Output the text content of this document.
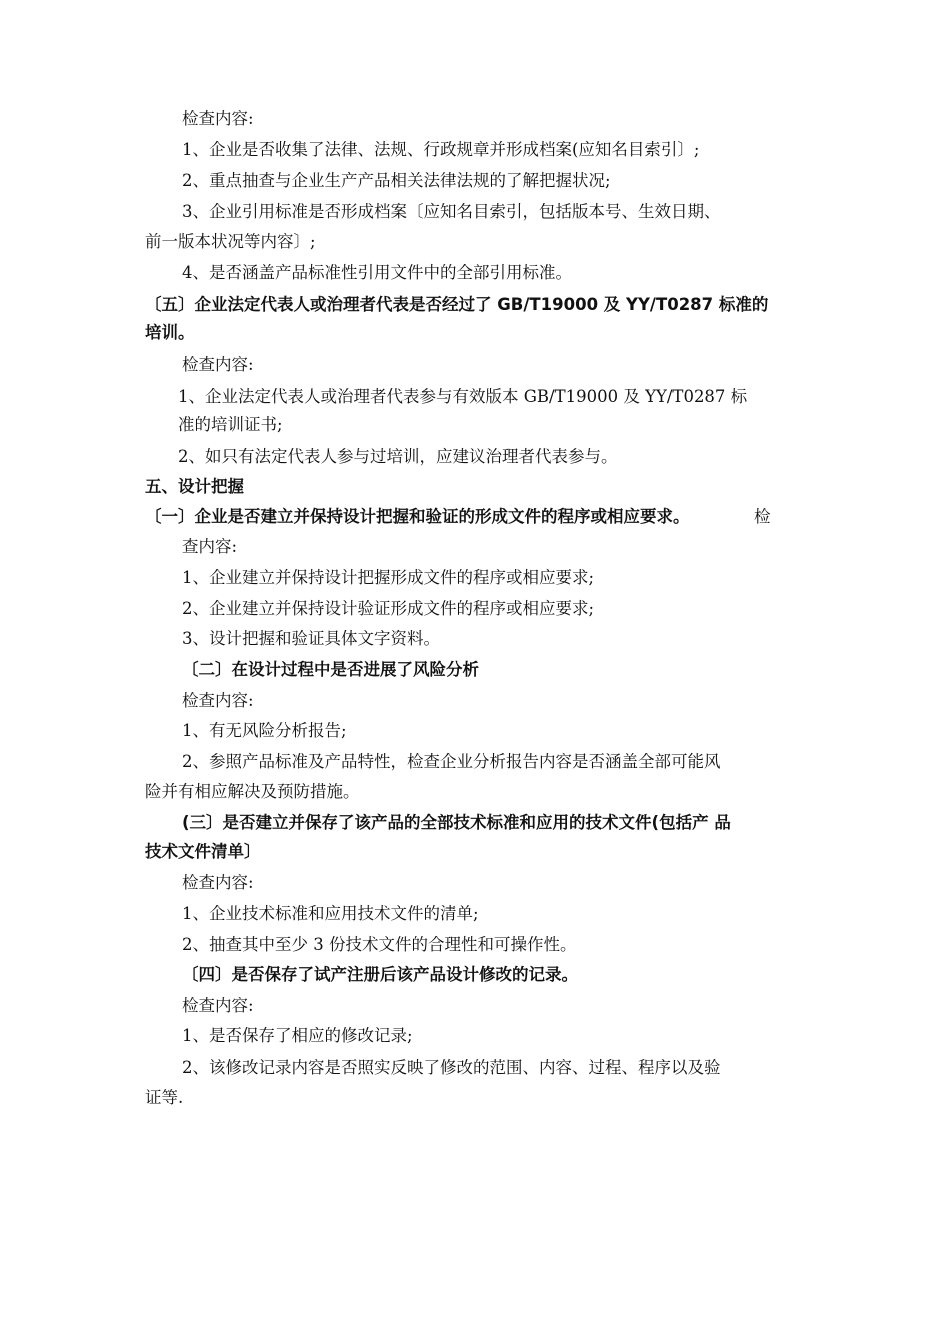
检查内容:
1、企业是否收集了法律、法规、行政规章并形成档案(应知名目索引〕;
2、重点抽查与企业生产产品相关法律法规的了解把握状况;
3、企业引用标准是否形成档案〔应知名目索引，包括版本号、生效日期、
前一版本状况等内容〕;
4、是否涵盖产品标准性引用文件中的全部引用标准。
〔五〕企业法定代表人或治理者代表是否经过了 GB/T19000 及 YY/T0287 标准的
培训。
检查内容:
1、企业法定代表人或治理者代表参与有效版本 GB/T19000 及 YY/T0287 标
准的培训证书;
2、如只有法定代表人参与过培训，应建议治理者代表参与。
五、设计把握
〔一〕企业是否建立并保持设计把握和验证的形成文件的程序或相应要求。	检
查内容:
1、企业建立并保持设计把握形成文件的程序或相应要求;
2、企业建立并保持设计验证形成文件的程序或相应要求;
3、设计把握和验证具体文字资料。
〔二〕在设计过程中是否进展了风险分析
检查内容:
1、有无风险分析报告;
2、参照产品标准及产品特性，检查企业分析报告内容是否涵盖全部可能风
险并有相应解决及预防措施。
(三〕是否建立并保存了该产品的全部技术标准和应用的技术文件(包括产 品
技术文件清单〕
检查内容:
1、企业技术标准和应用技术文件的清单;
2、抽查其中至少 3 份技术文件的合理性和可操作性。
〔四〕是否保存了试产注册后该产品设计修改的记录。
检查内容:
1、是否保存了相应的修改记录;
2、该修改记录内容是否照实反映了修改的范围、内容、过程、程序以及验
证等.
